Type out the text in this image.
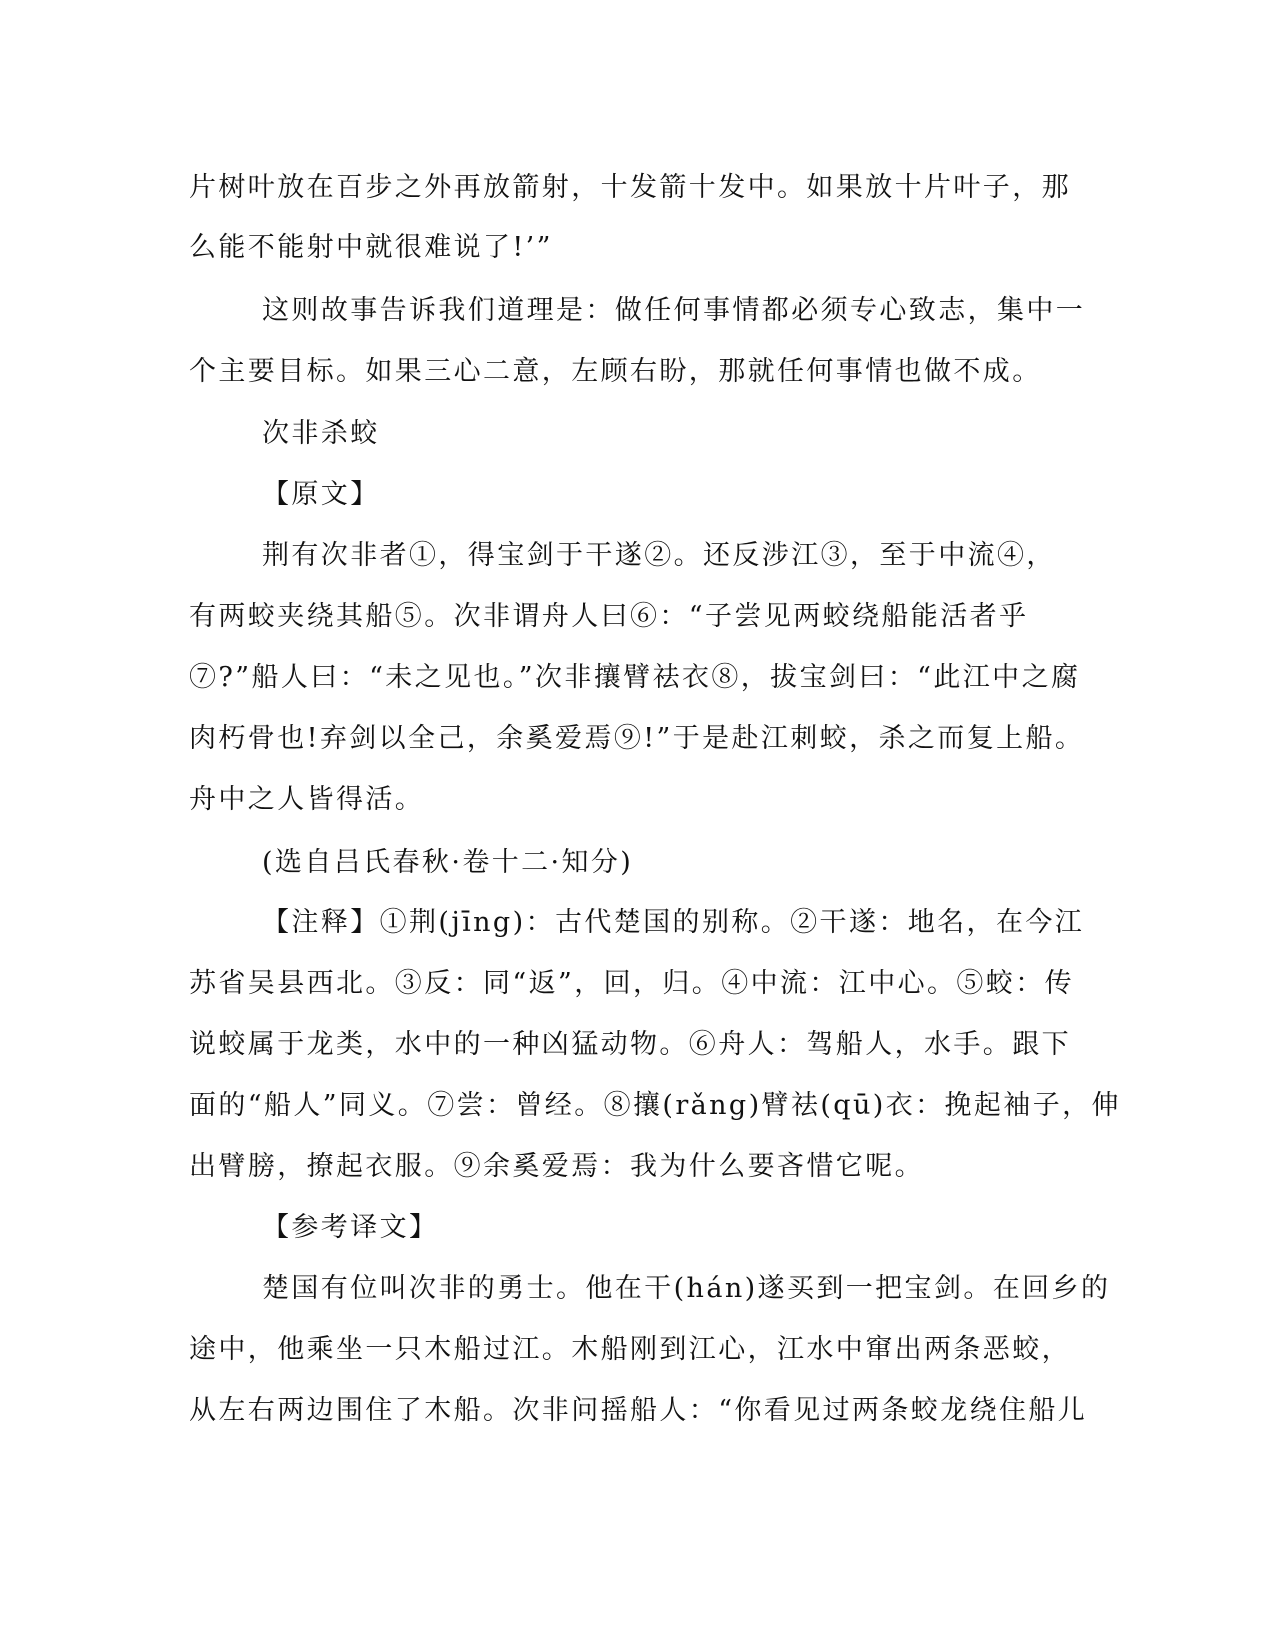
片树叶放在百步之外再放箭射，十发箭十发中。如果放十片叶子，那
么能不能射中就很难说了!’”
这则故事告诉我们道理是：做任何事情都必须专心致志，集中一
个主要目标。如果三心二意，左顾右盼，那就任何事情也做不成。
次非杀蛟
【原文】
荆有次非者①，得宝剑于干遂②。还反涉江③，至于中流④，
有两蛟夹绕其船⑤。次非谓舟人曰⑥：“子尝见两蛟绕船能活者乎
⑦?”船人曰：“未之见也。”次非攘臂祛衣⑧，拔宝剑曰：“此江中之腐
肉朽骨也!弃剑以全己，余奚爱焉⑨!”于是赴江刺蛟，杀之而复上船。
舟中之人皆得活。
(选自吕氏春秋·卷十二·知分)
【注释】①荆(jīng)：古代楚国的别称。②干遂：地名，在今江
苏省吴县西北。③反：同“返”，回，归。④中流：江中心。⑤蛟：传
说蛟属于龙类，水中的一种凶猛动物。⑥舟人：驾船人，水手。跟下
面的“船人”同义。⑦尝：曾经。⑧攘(rǎng)臂祛(qū)衣：挽起袖子，伸
出臂膀，撩起衣服。⑨余奚爱焉：我为什么要吝惜它呢。
【参考译文】
楚国有位叫次非的勇士。他在干(hán)遂买到一把宝剑。在回乡的
途中，他乘坐一只木船过江。木船刚到江心，江水中窜出两条恶蛟，
从左右两边围住了木船。次非问摇船人：“你看见过两条蛟龙绕住船儿
